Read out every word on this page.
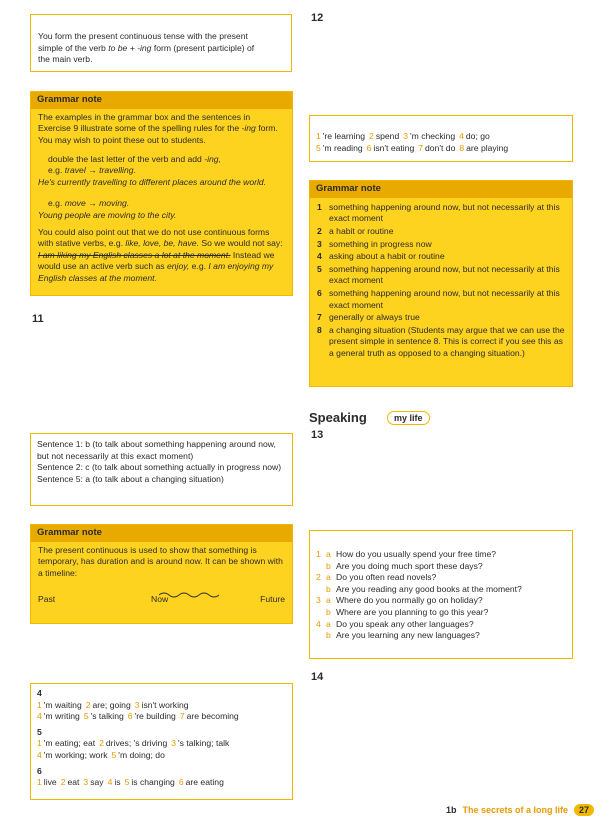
You form the present continuous tense with the present
simple of the verb to be + -ing form (present participle) of
the main verb.
Grammar note

The examples in the grammar box and the sentences in Exercise 9 illustrate some of the spelling rules for the -ing form. You may wish to point these out to students.

double the last letter of the verb and add -ing,
e.g. travel → travelling.
He's currently travelling to different places around the world.
e.g. move → moving.
Young people are moving to the city.

You could also point out that we do not use continuous forms with stative verbs, e.g. like, love, be, have. So we would not say: I am liking my English classes a lot at the moment. Instead we would use an active verb such as enjoy, e.g. I am enjoying my English classes at the moment.

11
Sentence 1: b (to talk about something happening around now, but not necessarily at this exact moment)
Sentence 2: c (to talk about something actually in progress now)
Sentence 5: a (to talk about a changing situation)
Grammar note
The present continuous is used to show that something is temporary, has duration and is around now. It can be shown with a timeline:
Past	Now	Future
4
1 'm waiting 2 are; going 3 isn't working
4 'm writing 5 's talking 6 're building 7 are becoming
5
1 'm eating; eat 2 drives; 's driving 3 's talking; talk
4 'm working; work 5 'm doing; do
6
1 live 2 eat 3 say 4 is 5 is changing 6 are eating
12
1 're learning 2 spend 3 'm checking 4 do; go
5 'm reading 6 isn't eating 7 don't do 8 are playing
Grammar note
1 something happening around now, but not necessarily at this exact moment
2 a habit or routine
3 something in progress now
4 asking about a habit or routine
5 something happening around now, but not necessarily at this exact moment
6 something happening around now, but not necessarily at this exact moment
7 generally or always true
8 a changing situation (Students may argue that we can use the present simple in sentence 8. This is correct if you see this as a general truth as opposed to a changing situation.)
Speaking	my life
13
1 a How do you usually spend your free time?
b Are you doing much sport these days?
2 a Do you often read novels?
b Are you reading any good books at the moment?
3 a Where do you normally go on holiday?
b Where are you planning to go this year?
4 a Do you speak any other languages?
b Are you learning any new languages?
14
1b The secrets of a long life 27
